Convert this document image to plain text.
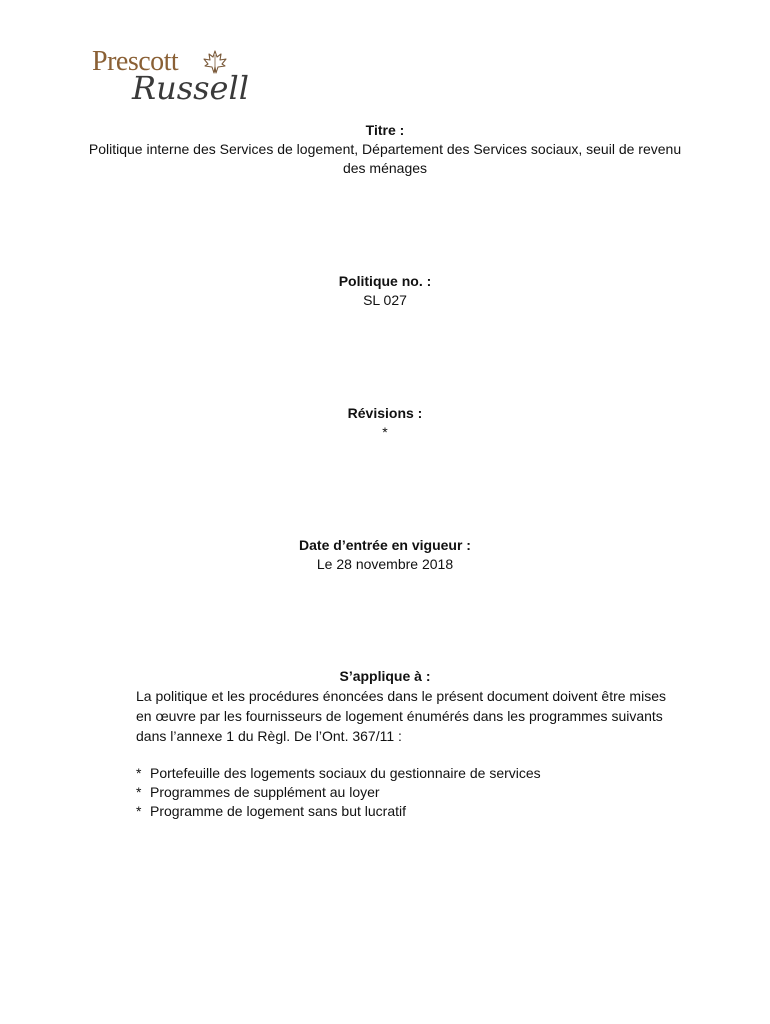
Prescott
Russell
Titre :
Politique interne des Services de logement, Département des Services sociaux, seuil de revenu des ménages
Politique no. :
SL 027
Révisions :
*
Date d’entrée en vigueur :
Le 28 novembre 2018
S’applique à :
La politique et les procédures énoncées dans le présent document doivent être mises en œuvre par les fournisseurs de logement énumérés dans les programmes suivants dans l’annexe 1 du Règl. De l’Ont. 367/11 :
* Portefeuille des logements sociaux du gestionnaire de services
* Programmes de supplément au loyer
* Programme de logement sans but lucratif
